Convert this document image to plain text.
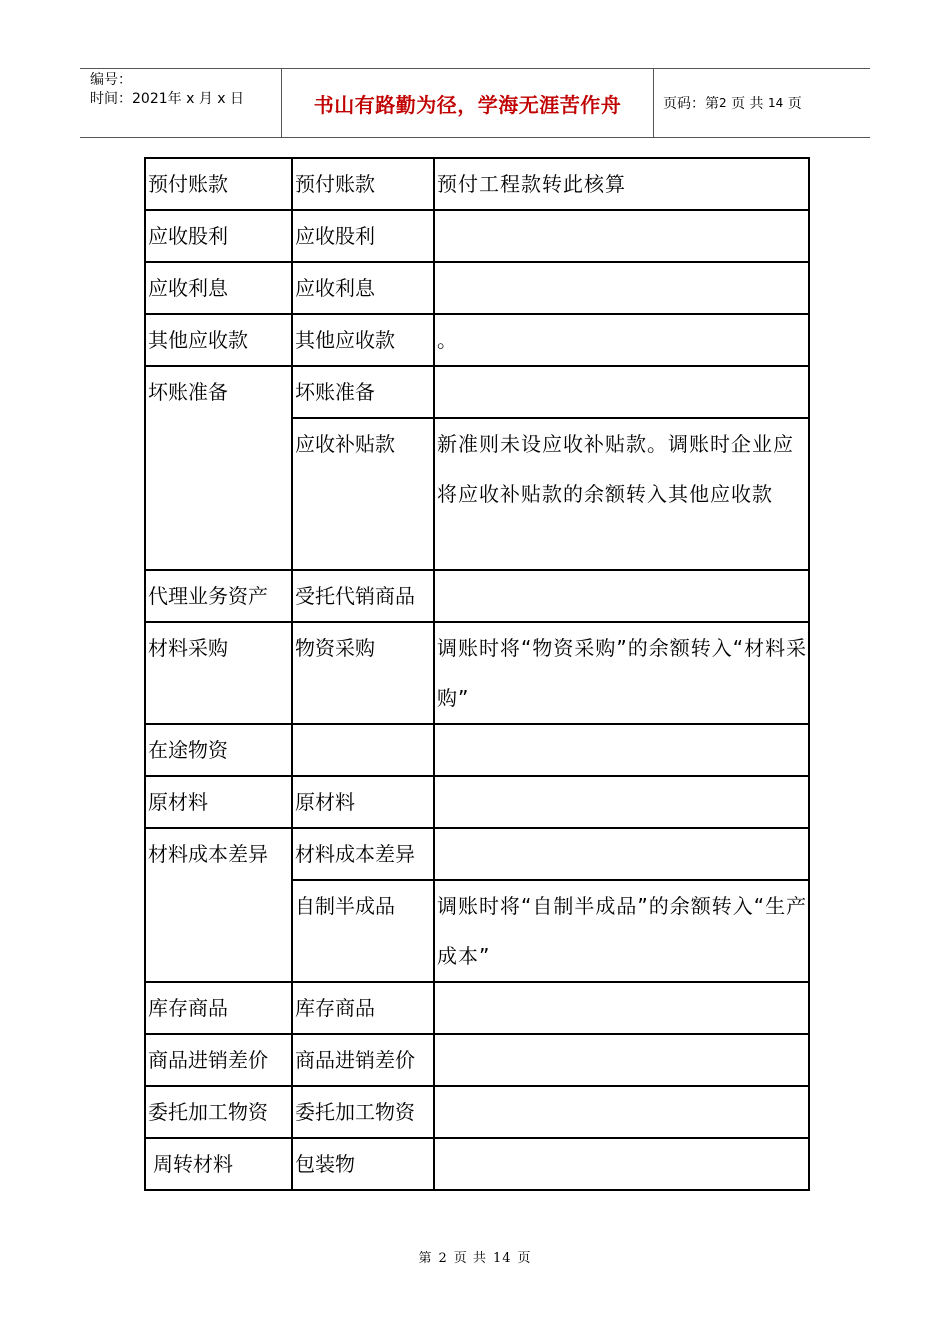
编号：
时间：2021年 x 月 x 日	书山有路勤为径，学海无涯苦作舟	页码：第 2
页 共
14
页
预付账款	预付账款	预付工程款转此核算
应收股利	应收股利	
应收利息	应收利息	
其他应收款	其他应收款	。
坏账准备	坏账准备	
	应收补贴款	新准则未设应收补贴款。调账时企业应将应收补贴款的余额转入其他应收款
代理业务资产	受托代销商品	
材料采购	物资采购	调账时将“物资采购”的余额转入“材料采购”
在途物资		
原材料	原材料	
材料成本差异	材料成本差异	
	自制半成品	调账时将“自制半成品”的余额转入“生产成本”
库存商品	库存商品	
商品进销差价	商品进销差价	
委托加工物资	委托加工物资	
周转材料	包装物	
第 2 页 共 14 页
